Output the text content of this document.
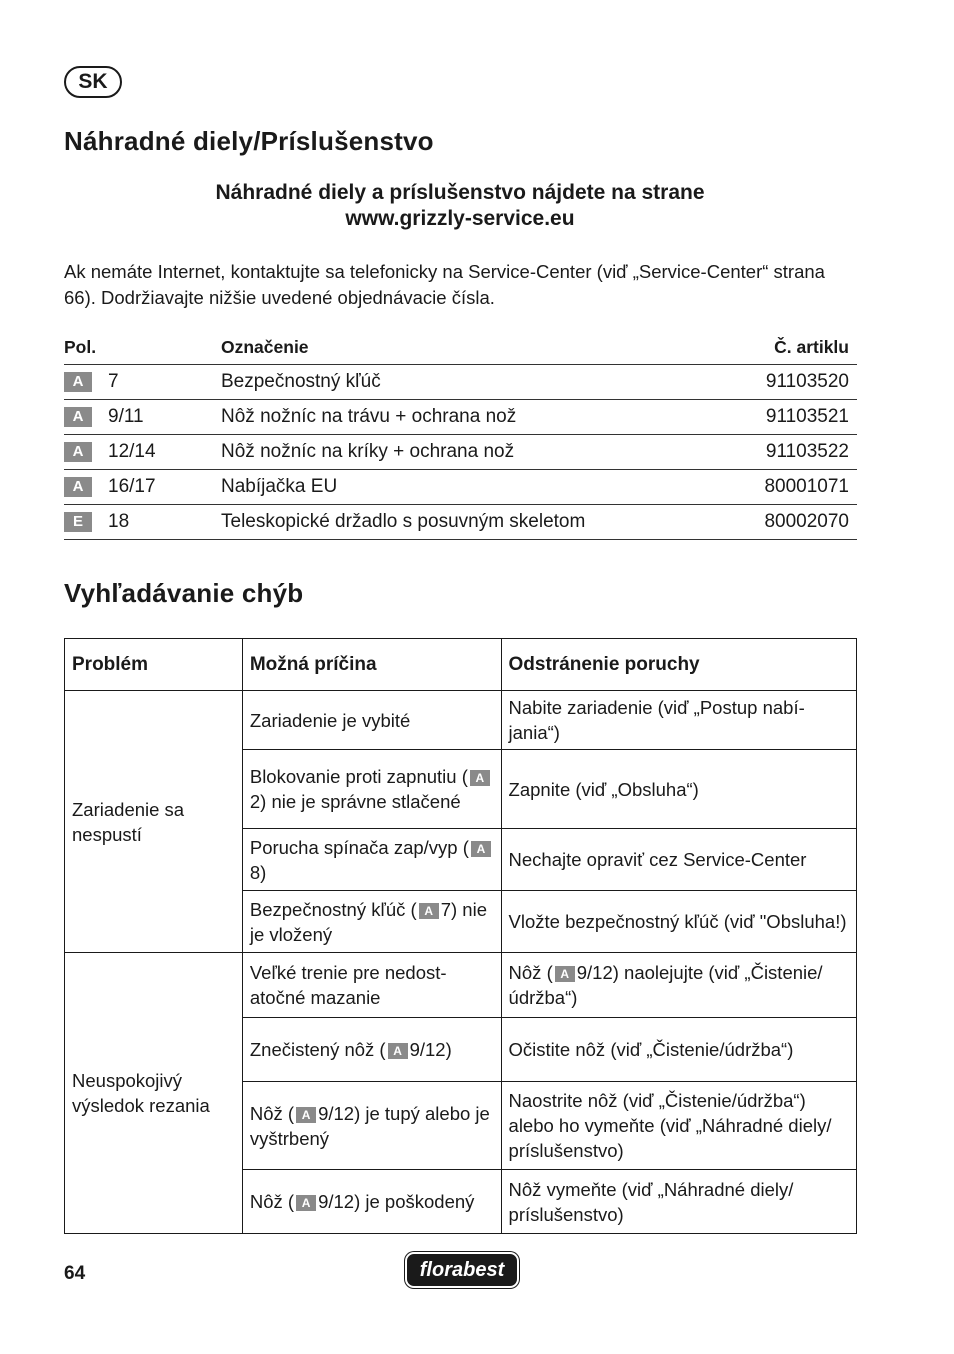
SK
Náhradné diely/Príslušenstvo
Náhradné diely a príslušenstvo nájdete na strane
www.grizzly-service.eu
Ak nemáte Internet, kontaktujte sa telefonicky na Service-Center (viď „Service-Center“ strana 66). Dodržiavajte nižšie uvedené objednávacie čísla.
Pol.	Označenie	Č. artiklu
A	7	Bezpečnostný kľúč	91103520
A	9/11	Nôž nožníc na trávu + ochrana nož	91103521
A	12/14	Nôž nožníc na kríky + ochrana nož	91103522
A	16/17	Nabíjačka EU	80001071
E	18	Teleskopické držadlo s posuvným skeletom	80002070
Vyhľadávanie chýb
Problém	Možná príčina	Odstránenie poruchy
Zariadenie sa nespustí	Zariadenie je vybité	Nabite zariadenie (viď „Postup nabíjania“)
	Blokovanie proti zapnutiu ( A2) nie je správne stlačené	Zapnite (viď „Obsluha“)
	Porucha spínača zap/vyp ( A8)	Nechajte opraviť cez Service-Center
	Bezpečnostný kľúč ( A 7) nie je vložený	Vložte bezpečnostný kľúč (viď "Obsluha!)
Neuspokojivý výsledok rezania	Veľké trenie pre nedostatočné mazanie	Nôž ( A 9/12) naolejujte (viď „Čistenie/údržba“)
	Znečistený nôž ( A 9/12)	Očistite nôž (viď „Čistenie/údržba“)
	Nôž ( A 9/12) je tupý alebo je vyštrbený	Naostrite nôž (viď „Čistenie/údržba“) alebo ho vymeňte (viď „Náhradné diely/ príslušenstvo)
	Nôž ( A 9/12) je poškodený	Nôž vymeňte (viď „Náhradné diely/ príslušenstvo)
64	florabest
